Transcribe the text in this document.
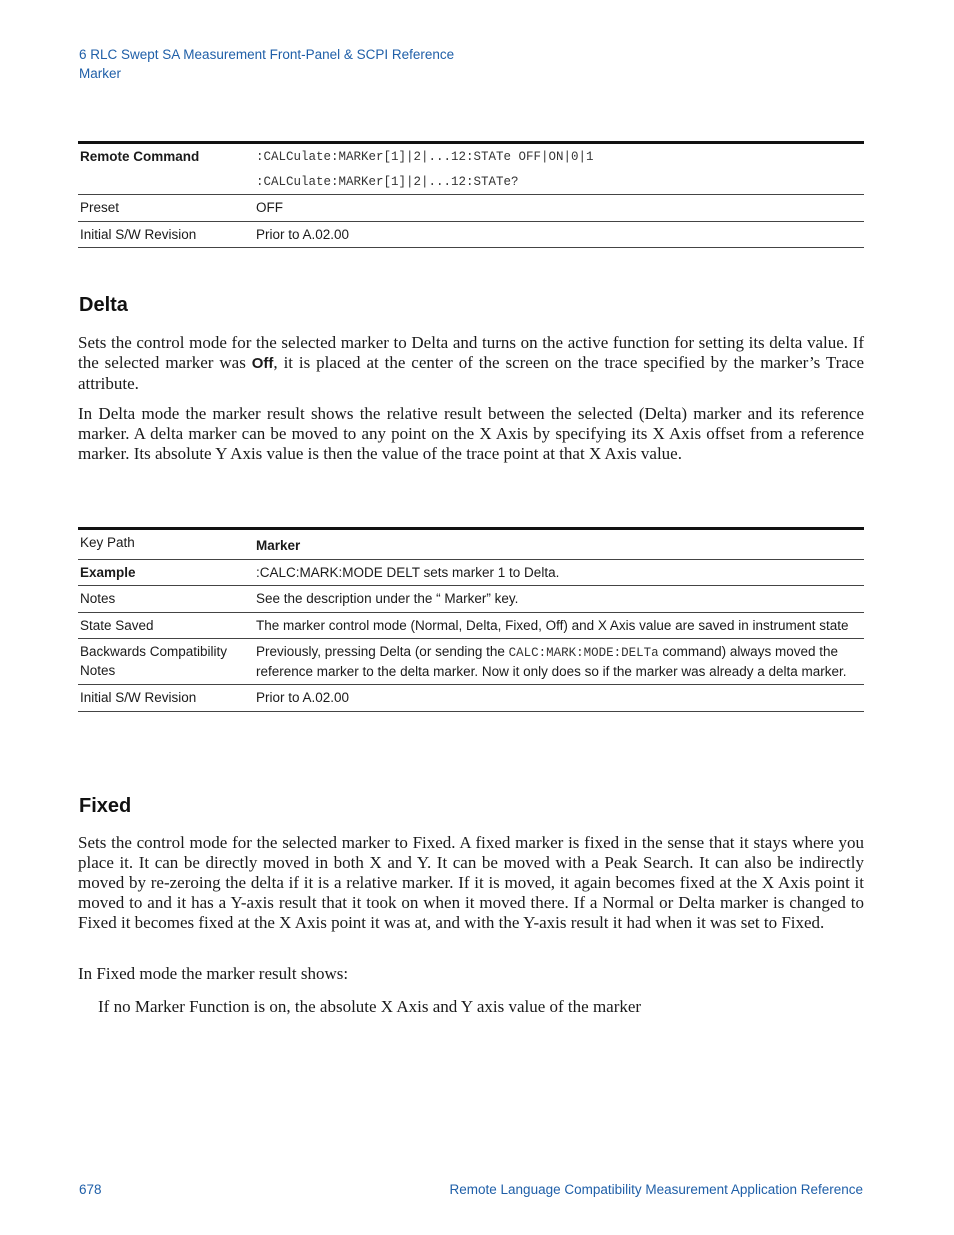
6 RLC Swept SA Measurement Front-Panel & SCPI Reference
Marker
Remote Command	:CALCulate:MARKer[1]|2|...12:STATe OFF|ON|0|1
	:CALCulate:MARKer[1]|2|...12:STATe?
Preset	OFF
Initial S/W Revision	Prior to A.02.00
Delta

Sets the control mode for the selected marker to Delta and turns on the active function for setting its delta value. If the selected marker was Off, it is placed at the center of the screen on the trace specified by the marker’s Trace attribute.

In Delta mode the marker result shows the relative result between the selected (Delta) marker and its reference marker. A delta marker can be moved to any point on the X Axis by specifying its X Axis offset from a reference marker. Its absolute Y Axis value is then the value of the trace point at that X Axis value.

Key Path	Marker
Example	:CALC:MARK:MODE DELT sets marker 1 to Delta.
Notes	See the description under the “ Marker” key.
State Saved	The marker control mode (Normal, Delta, Fixed, Off) and X Axis value are saved in instrument state
Backwards Compatibility
Notes	Previously, pressing Delta (or sending the CALC:MARK:MODE:DELTa command) always moved the reference marker to the delta marker. Now it only does so if the marker was already a delta marker.
Initial S/W Revision	Prior to A.02.00
Fixed

Sets the control mode for the selected marker to Fixed. A fixed marker is fixed in the sense that it stays where you place it. It can be directly moved in both X and Y. It can be moved with a Peak Search. It can also be indirectly moved by re-zeroing the delta if it is a relative marker. If it is moved, it again becomes fixed at the X Axis point it moved to and it has a Y-axis result that it took on when it moved there. If a Normal or Delta marker is changed to Fixed it becomes fixed at the X Axis point it was at, and with the Y-axis result it had when it was set to Fixed.

In Fixed mode the marker result shows:

If no Marker Function is on, the absolute X Axis and Y axis value of the marker

678	Remote Language Compatibility Measurement Application Reference
